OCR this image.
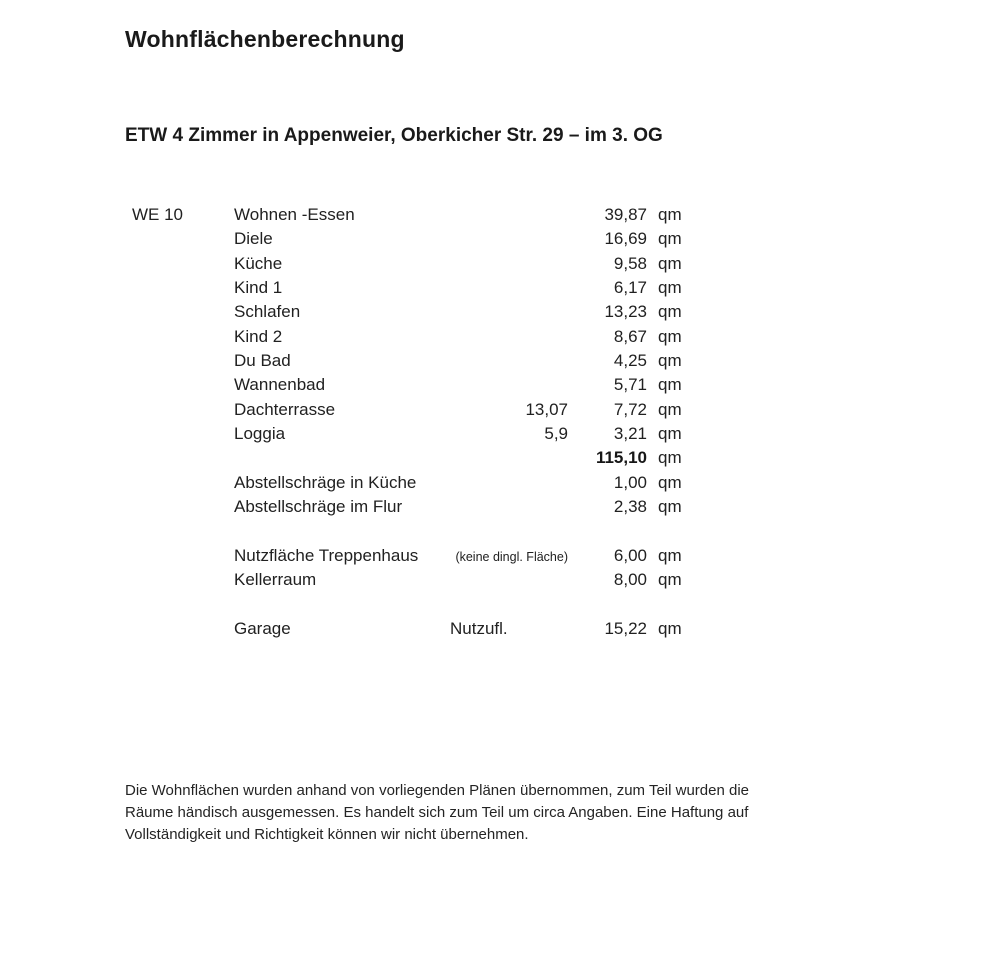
Wohnflächenberechnung
ETW 4 Zimmer in Appenweier, Oberkicher Str. 29 – im 3. OG
WE 10	Wohnen -Essen	39,87 qm
Diele	16,69 qm
Küche	9,58 qm
Kind 1	6,17 qm
Schlafen	13,23 qm
Kind 2	8,67 qm
Du Bad	4,25 qm
Wannenbad	5,71 qm
Dachterrasse	13,07	7,72 qm
Loggia	5,9	3,21 qm
115,10 qm
Abstellschräge in Küche	1,00 qm
Abstellschräge im Flur	2,38 qm
Nutzfläche Treppenhaus	(keine dingl. Fläche)	6,00 qm
Kellerraum	8,00 qm
Garage	Nutzufl.	15,22 qm
Die Wohnflächen wurden anhand von vorliegenden Plänen übernommen, zum Teil wurden die
Räume händisch ausgemessen. Es handelt sich zum Teil um circa Angaben. Eine Haftung auf
Vollständigkeit und Richtigkeit können wir nicht übernehmen.
